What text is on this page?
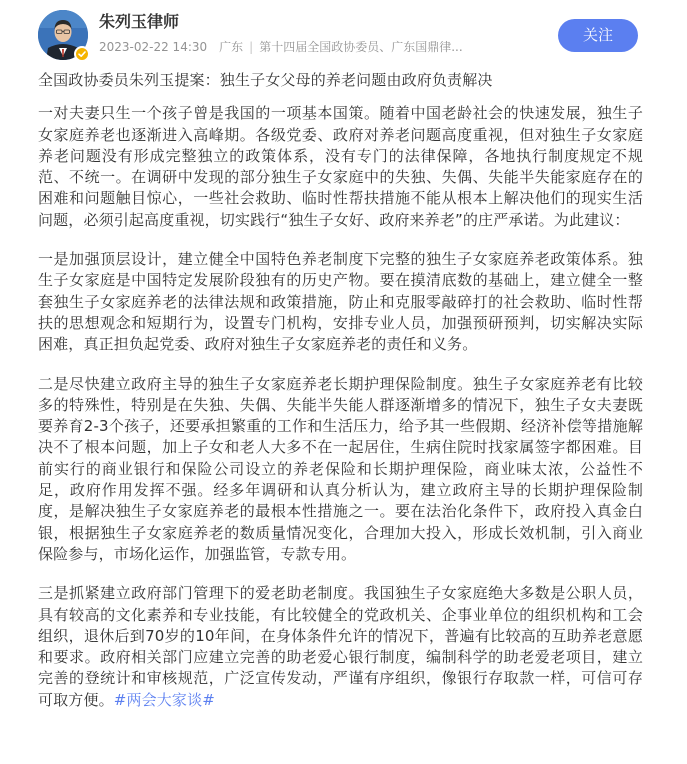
朱列玉律师
2023-02-22 14:30 广东 | 第十四届全国政协委员、广东国鼎律...
关注

全国政协委员朱列玉提案：独生子女父母的养老问题由政府负责解决

一对夫妻只生一个孩子曾是我国的一项基本国策。随着中国老龄社会的快速发展，独生子女家庭养老也逐渐进入高峰期。各级党委、政府对养老问题高度重视，但对独生子女家庭养老问题没有形成完整独立的政策体系，没有专门的法律保障，各地执行制度规定不规范、不统一。在调研中发现的部分独生子女家庭中的失独、失偶、失能半失能家庭存在的困难和问题触目惊心，一些社会救助、临时性帮扶措施不能从根本上解决他们的现实生活问题，必须引起高度重视，切实践行“独生子女好、政府来养老”的庄严承诺。为此建议：

一是加强顶层设计，建立健全中国特色养老制度下完整的独生子女家庭养老政策体系。独生子女家庭是中国特定发展阶段独有的历史产物。要在摸清底数的基础上，建立健全一整套独生子女家庭养老的法律法规和政策措施，防止和克服零敲碎打的社会救助、临时性帮扶的思想观念和短期行为，设置专门机构，安排专业人员，加强预研预判，切实解决实际困难，真正担负起党委、政府对独生子女家庭养老的责任和义务。

二是尽快建立政府主导的独生子女家庭养老长期护理保险制度。独生子女家庭养老有比较多的特殊性，特别是在失独、失偶、失能半失能人群逐渐增多的情况下，独生子女夫妻既要养育2-3个孩子，还要承担繁重的工作和生活压力，给予其一些假期、经济补偿等措施解决不了根本问题，加上子女和老人大多不在一起居住，生病住院时找家属签字都困难。目前实行的商业银行和保险公司设立的养老保险和长期护理保险，商业味太浓，公益性不足，政府作用发挥不强。经多年调研和认真分析认为，建立政府主导的长期护理保险制度，是解决独生子女家庭养老的最根本性措施之一。要在法治化条件下，政府投入真金白银，根据独生子女家庭养老的数质量情况变化，合理加大投入，形成长效机制，引入商业保险参与，市场化运作，加强监管，专款专用。

三是抓紧建立政府部门管理下的爱老助老制度。我国独生子女家庭绝大多数是公职人员，具有较高的文化素养和专业技能，有比较健全的党政机关、企事业单位的组织机构和工会组织，退休后到70岁的10年间，在身体条件允许的情况下，普遍有比较高的互助养老意愿和要求。政府相关部门应建立完善的助老爱心银行制度，编制科学的助老爱老项目，建立完善的登统计和审核规范，广泛宣传发动，严谨有序组织，像银行存取款一样，可信可存可取方便。#两会大家谈#
